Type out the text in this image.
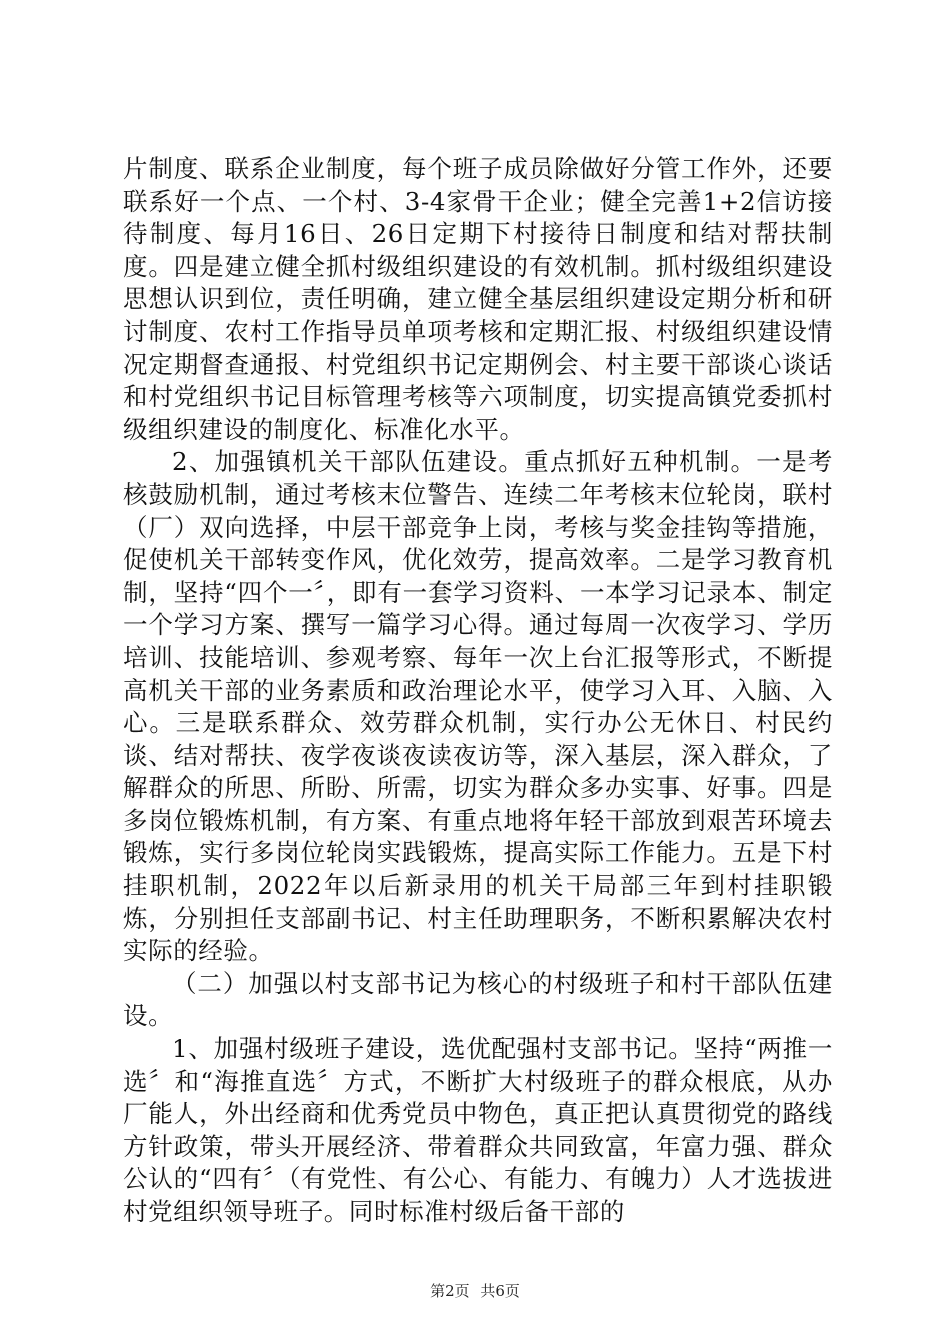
片制度、联系企业制度，每个班子成员除做好分管工作外，还要联系好一个点、一个村、3-4家骨干企业；健全完善1+2信访接待制度、每月16日、26日定期下村接待日制度和结对帮扶制度。四是建立健全抓村级组织建设的有效机制。抓村级组织建设思想认识到位，责任明确，建立健全基层组织建设定期分析和研讨制度、农村工作指导员单项考核和定期汇报、村级组织建设情况定期督查通报、村党组织书记定期例会、村主要干部谈心谈话和村党组织书记目标管理考核等六项制度，切实提高镇党委抓村级组织建设的制度化、标准化水平。

2、加强镇机关干部队伍建设。重点抓好五种机制。一是考核鼓励机制，通过考核末位警告、连续二年考核末位轮岗，联村（厂）双向选择，中层干部竞争上岗，考核与奖金挂钩等措施，促使机关干部转变作风，优化效劳，提高效率。二是学习教育机制，坚持“四个一〞，即有一套学习资料、一本学习记录本、制定一个学习方案、撰写一篇学习心得。通过每周一次夜学习、学历培训、技能培训、参观考察、每年一次上台汇报等形式，不断提高机关干部的业务素质和政治理论水平，使学习入耳、入脑、入心。三是联系群众、效劳群众机制，实行办公无休日、村民约谈、结对帮扶、夜学夜谈夜读夜访等，深入基层，深入群众，了解群众的所思、所盼、所需，切实为群众多办实事、好事。四是多岗位锻炼机制，有方案、有重点地将年轻干部放到艰苦环境去锻炼，实行多岗位轮岗实践锻炼，提高实际工作能力。五是下村挂职机制，2022年以后新录用的机关干局部三年到村挂职锻炼，分别担任支部副书记、村主任助理职务，不断积累解决农村实际的经验。

（二）加强以村支部书记为核心的村级班子和村干部队伍建设。

1、加强村级班子建设，选优配强村支部书记。坚持“两推一选〞和“海推直选〞方式，不断扩大村级班子的群众根底，从办厂能人，外出经商和优秀党员中物色，真正把认真贯彻党的路线方针政策，带头开展经济、带着群众共同致富，年富力强、群众公认的“四有〞（有党性、有公心、有能力、有魄力）人才选拔进村党组织领导班子。同时标准村级后备干部的

第2页 共6页
